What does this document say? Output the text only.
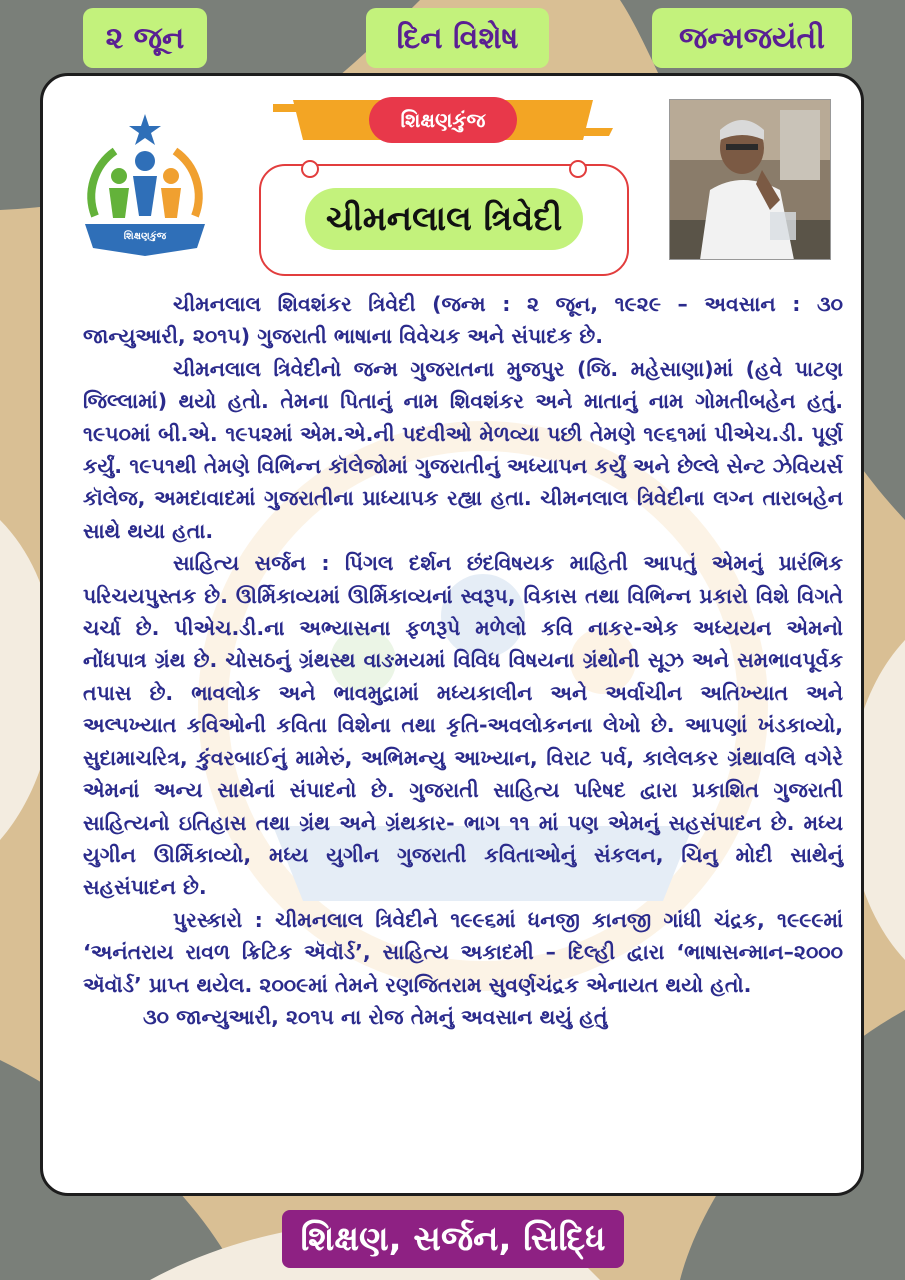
૨ જૂન	દિન વિશેષ	જન્મજયંતી
શિક્ષણકુંજ
શિક્ષણકુંજ
ચીમનલાલ ત્રિવેદી

ચીમનલાલ શિવશંકર ત્રિવેદી (જન્મ : ૨ જૂન, ૧૯૨૯ – અવસાન : ૩૦ જાન્યુઆરી, ૨૦૧૫) ગુજરાતી ભાષાના વિવેચક અને સંપાદક છે.

ચીમનલાલ ત્રિવેદીનો જન્મ ગુજરાતના મુજપુર (જિ. મહેસાણા)માં (હવે પાટણ જિલ્લામાં) થયો હતો. તેમના પિતાનું નામ શિવશંકર અને માતાનું નામ ગોમતીબહેન હતું. ૧૯૫૦માં બી.એ. ૧૯૫૨માં એમ.એ.ની પદવીઓ મેળવ્યા પછી તેમણે ૧૯૬૧માં પીએચ.ડી. પૂર્ણ કર્યું. ૧૯૫૧થી તેમણે વિભિન્ન કૉલેજોમાં ગુજરાતીનું અધ્યાપન કર્યું અને છેલ્લે સેન્ટ ઝેવિયર્સ કૉલેજ, અમદાવાદમાં ગુજરાતીના પ્રાધ્યાપક રહ્યા હતા. ચીમનલાલ ત્રિવેદીના લગ્ન તારાબહેન સાથે થયા હતા.

સાહિત્ય સર્જન : પિંગલ દર્શન છંદવિષયક માહિતી આપતું એમનું પ્રારંભિક પરિચયપુસ્તક છે. ઊર્મિકાવ્યમાં ઊર્મિકાવ્યનાં સ્વરૂપ, વિકાસ તથા વિભિન્ન પ્રકારો વિશે વિગતે ચર્ચા છે. પીએચ.ડી.ના અભ્યાસના ફળરૂપે મળેલો કવિ નાકર-એક અધ્યયન એમનો નોંધપાત્ર ગ્રંથ છે. ચોસઠનું ગ્રંથસ્થ વાઙમયમાં વિવિધ વિષયના ગ્રંથોની સૂઝ અને સમભાવપૂર્વક તપાસ છે. ભાવલોક અને ભાવમુદ્રામાં મધ્યકાલીન અને અર્વાચીન અતિખ્યાત અને અલ્પખ્યાત કવિઓની કવિતા વિશેના તથા કૃતિ-અવલોકનના લેખો છે. આપણાં ખંડકાવ્યો, સુદામાચરિત્ર, કુંવરબાઈનું મામેરું, અભિમન્યુ આખ્યાન, વિરાટ પર્વ, કાલેલકર ગ્રંથાવલિ વગેરે એમનાં અન્ય સાથેનાં સંપાદનો છે. ગુજરાતી સાહિત્ય પરિષદ દ્વારા પ્રકાશિત ગુજરાતી સાહિત્યનો ઇતિહાસ તથા ગ્રંથ અને ગ્રંથકાર- ભાગ ૧૧ માં પણ એમનું સહસંપાદન છે. મધ્ય યુગીન ઊર્મિકાવ્યો, મધ્ય યુગીન ગુજરાતી કવિતાઓનું સંકલન, ચિનુ મોદી સાથેનું સહસંપાદન છે.

પુરસ્કારો : ચીમનલાલ ત્રિવેદીને ૧૯૯૬માં ધનજી કાનજી ગાંધી ચંદ્રક, ૧૯૯૯માં ‘અનંતરાય રાવળ ક્રિટિક ઍવૉર્ડ’, સાહિત્ય અકાદમી – દિલ્હી દ્વારા ‘ભાષાસન્માન–૨૦૦૦ ઍવૉર્ડ’ પ્રાપ્ત થયેલ. ૨૦૦૯માં તેમને રણજિતરામ સુવર્ણચંદ્રક એનાયત થયો હતો.

૩૦ જાન્યુઆરી, ૨૦૧૫ ના રોજ તેમનું અવસાન થયું હતું

શિક્ષણ, સર્જન, સિદ્ધિ
